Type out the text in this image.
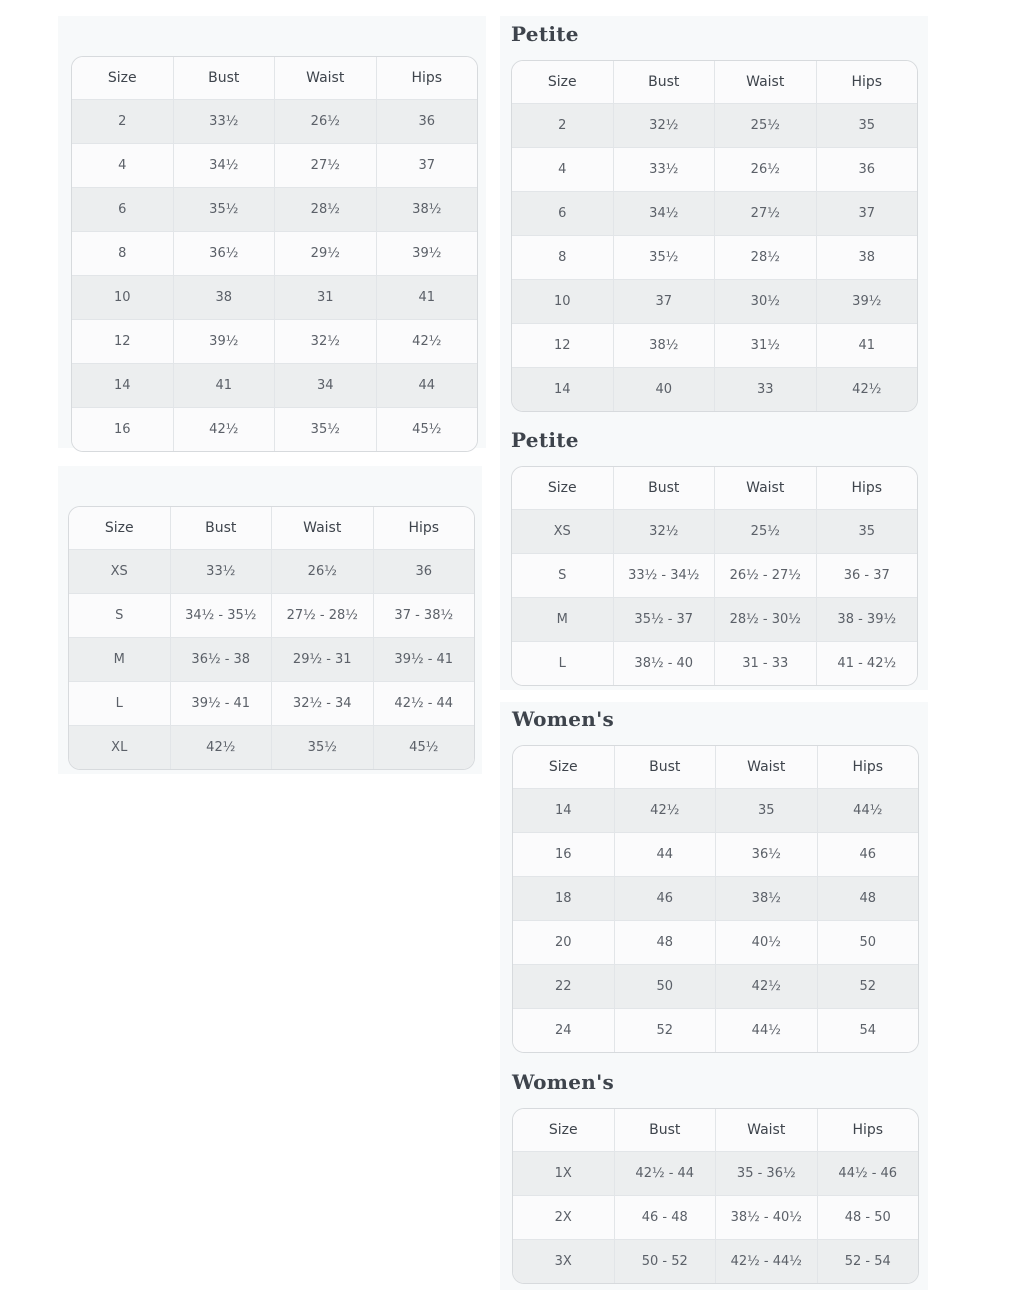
Petite
Petite
Women's
Women's
Size	Bust	Waist	Hips
2	33½	26½	36
4	34½	27½	37
6	35½	28½	38½
8	36½	29½	39½
10	38	31	41
12	39½	32½	42½
14	41	34	44
16	42½	35½	45½
Size	Bust	Waist	Hips
XS	33½	26½	36
S	34½ - 35½	27½ - 28½	37 - 38½
M	36½ - 38	29½ - 31	39½ - 41
L	39½ - 41	32½ - 34	42½ - 44
XL	42½	35½	45½
Size	Bust	Waist	Hips
2	32½	25½	35
4	33½	26½	36
6	34½	27½	37
8	35½	28½	38
10	37	30½	39½
12	38½	31½	41
14	40	33	42½
Size	Bust	Waist	Hips
XS	32½	25½	35
S	33½ - 34½	26½ - 27½	36 - 37
M	35½ - 37	28½ - 30½	38 - 39½
L	38½ - 40	31 - 33	41 - 42½
Size	Bust	Waist	Hips
14	42½	35	44½
16	44	36½	46
18	46	38½	48
20	48	40½	50
22	50	42½	52
24	52	44½	54
Size	Bust	Waist	Hips
1X	42½ - 44	35 - 36½	44½ - 46
2X	46 - 48	38½ - 40½	48 - 50
3X	50 - 52	42½ - 44½	52 - 54
